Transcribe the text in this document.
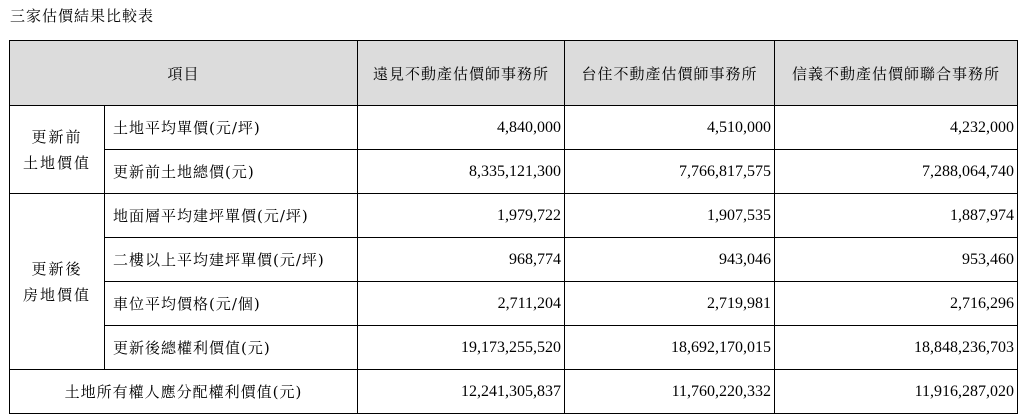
三家估價結果比較表
項目		遠見不動產估價師事務所	台住不動產估價師事務所	信義不動產估價師聯合事務所

更新前
土地價值	土地平均單價(元/坪)	4,840,000	4,510,000	4,232,000
	更新前土地總價(元)	8,335,121,300	7,766,817,575	7,288,064,740

更新後
房地價值	地面層平均建坪單價(元/坪)	1,979,722	1,907,535	1,887,974
	二樓以上平均建坪單價(元/坪)	968,774	943,046	953,460
	車位平均價格(元/個)	2,711,204	2,719,981	2,716,296
	更新後總權利價值(元)	19,173,255,520	18,692,170,015	18,848,236,703
土地所有權人應分配權利價值(元)		12,241,305,837	11,760,220,332	11,916,287,020
